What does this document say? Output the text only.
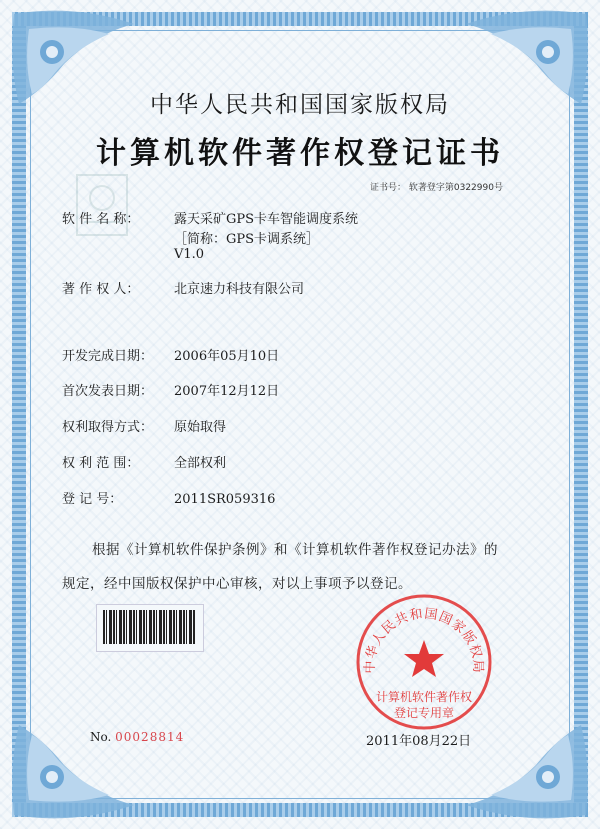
中华人民共和国国家版权局
计算机软件著作权登记证书
证书号： 软著登字第0322990号
软 件 名 称：	露天采矿GPS卡车智能调度系统
［简称：GPS卡调系统］
V1.0
著 作 权 人：	北京速力科技有限公司
开发完成日期： 2006年05月10日
首次发表日期： 2007年12月12日
权利取得方式： 原始取得
权 利 范 围：	全部权利
登 记 号：	2011SR059316
根据《计算机软件保护条例》和《计算机软件著作权登记办法》的
规定，经中国版权保护中心审核，对以上事项予以登记。
中华人民共和国国家版权局
计算机软件著作权
登记专用章
No. 00028814	2011年08月22日
